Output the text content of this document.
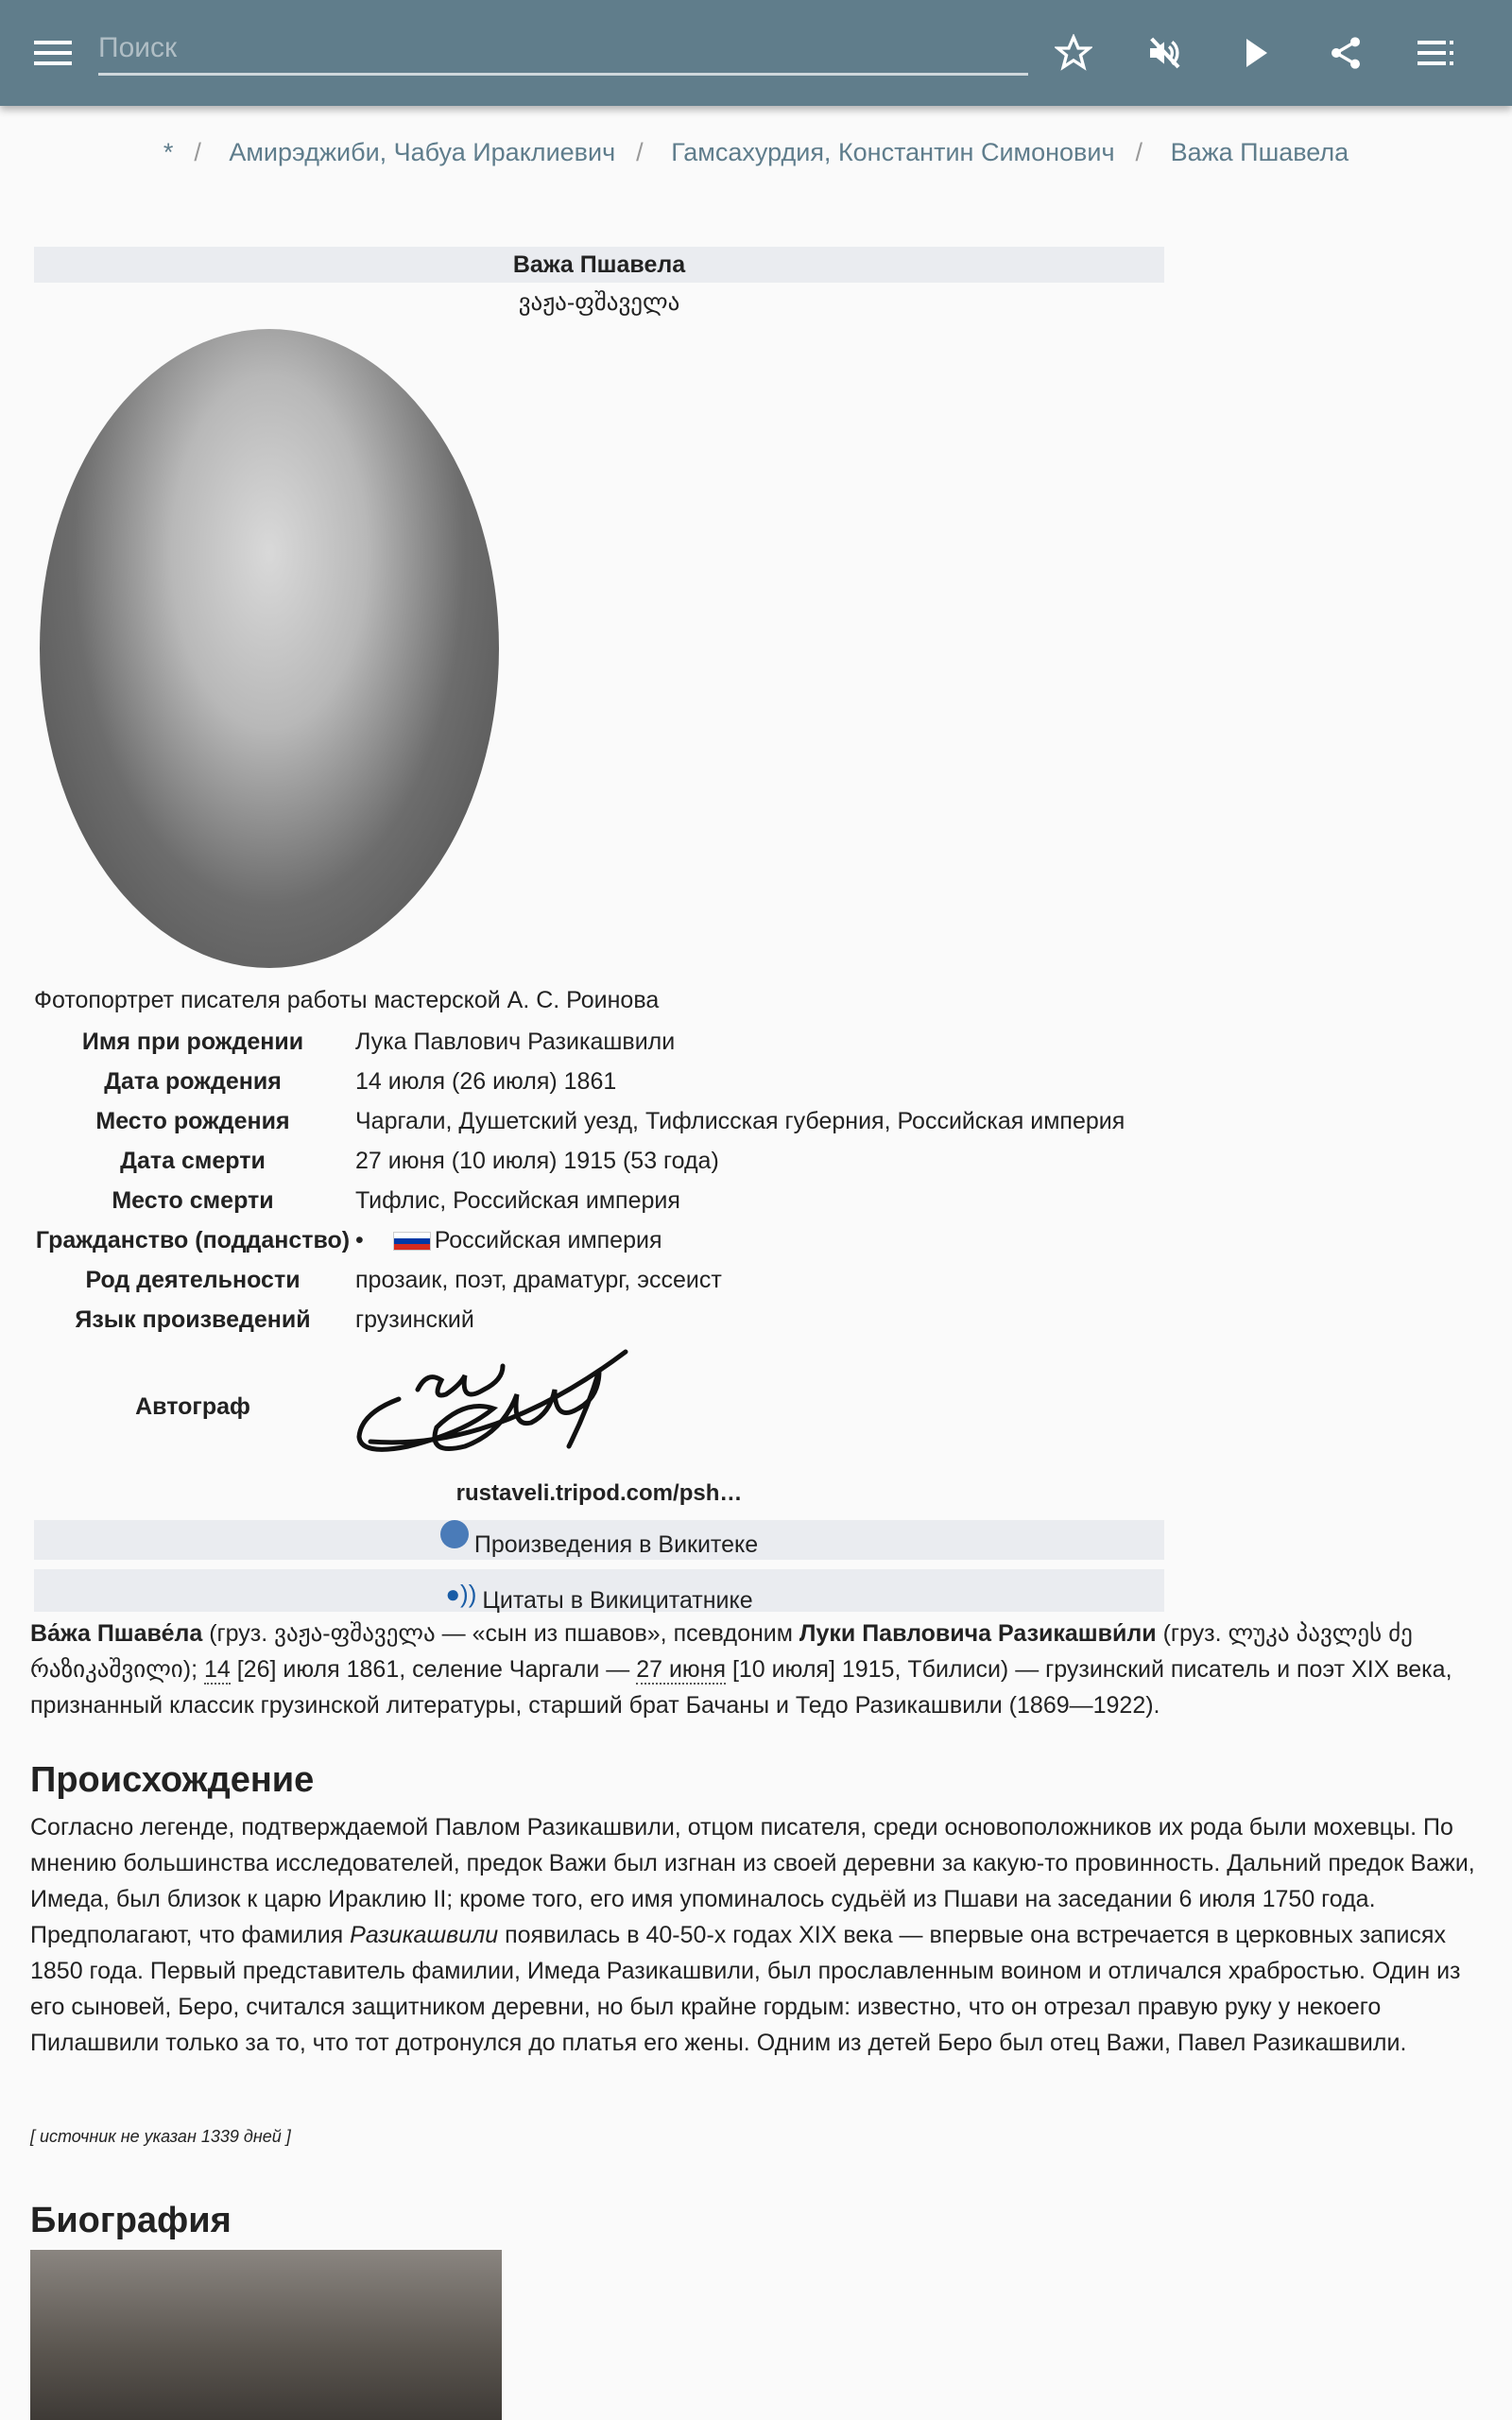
Поиск
* / Амирэджиби, Чабуа Ираклиевич / Гамсахурдия, Константин Симонович / Важа Пшавела
Важа Пшавела
ვაჟა-ფშაველა
Фотопортрет писателя работы мастерской А. С. Роинова
Имя при рождении	Лука Павлович Разикашвили
Дата рождения	14 июля (26 июля) 1861
Место рождения	Чаргали, Душетский уезд, Тифлисская губерния, Российская империя
Дата смерти	27 июня (10 июля) 1915 (53 года)
Место смерти	Тифлис, Российская империя
Гражданство (подданство) •	Российская империя
Род деятельности	прозаик, поэт, драматург, эссеист
Язык произведений	грузинский
Автограф
rustaveli.tripod.com/psh…
Произведения в Викитеке
●)) Цитаты в Викицитатнике
Ва́жа Пшаве́ла (груз. ვაჟა-ფშაველა — «сын из пшавов», псевдоним Луки Павловича Разикашви́ли (груз. ლუკა პავლეს ძე რაზიკაშვილი); 14 [26] июля 1861, селение Чаргали — 27 июня [10 июля] 1915, Тбилиси) — грузинский писатель и поэт XIX века, признанный классик грузинской литературы, старший брат Бачаны и Тедо Разикашвили (1869—1922).
Происхождение
Согласно легенде, подтверждаемой Павлом Разикашвили, отцом писателя, среди основоположников их рода были мохевцы. По мнению большинства исследователей, предок Важи был изгнан из своей деревни за какую-то провинность. Дальний предок Важи, Имеда, был близок к царю Ираклию II; кроме того, его имя упоминалось судьёй из Пшави на заседании 6 июля 1750 года. Предполагают, что фамилия Разикашвили появилась в 40-50-х годах XIX века — впервые она встречается в церковных записях 1850 года. Первый представитель фамилии, Имеда Разикашвили, был прославленным воином и отличался храбростью. Один из его сыновей, Беро, считался защитником деревни, но был крайне гордым: известно, что он отрезал правую руку у некоего Пилашвили только за то, что тот дотронулся до платья его жены. Одним из детей Беро был отец Важи, Павел Разикашвили.
[ источник не указан 1339 дней ]
Биография
